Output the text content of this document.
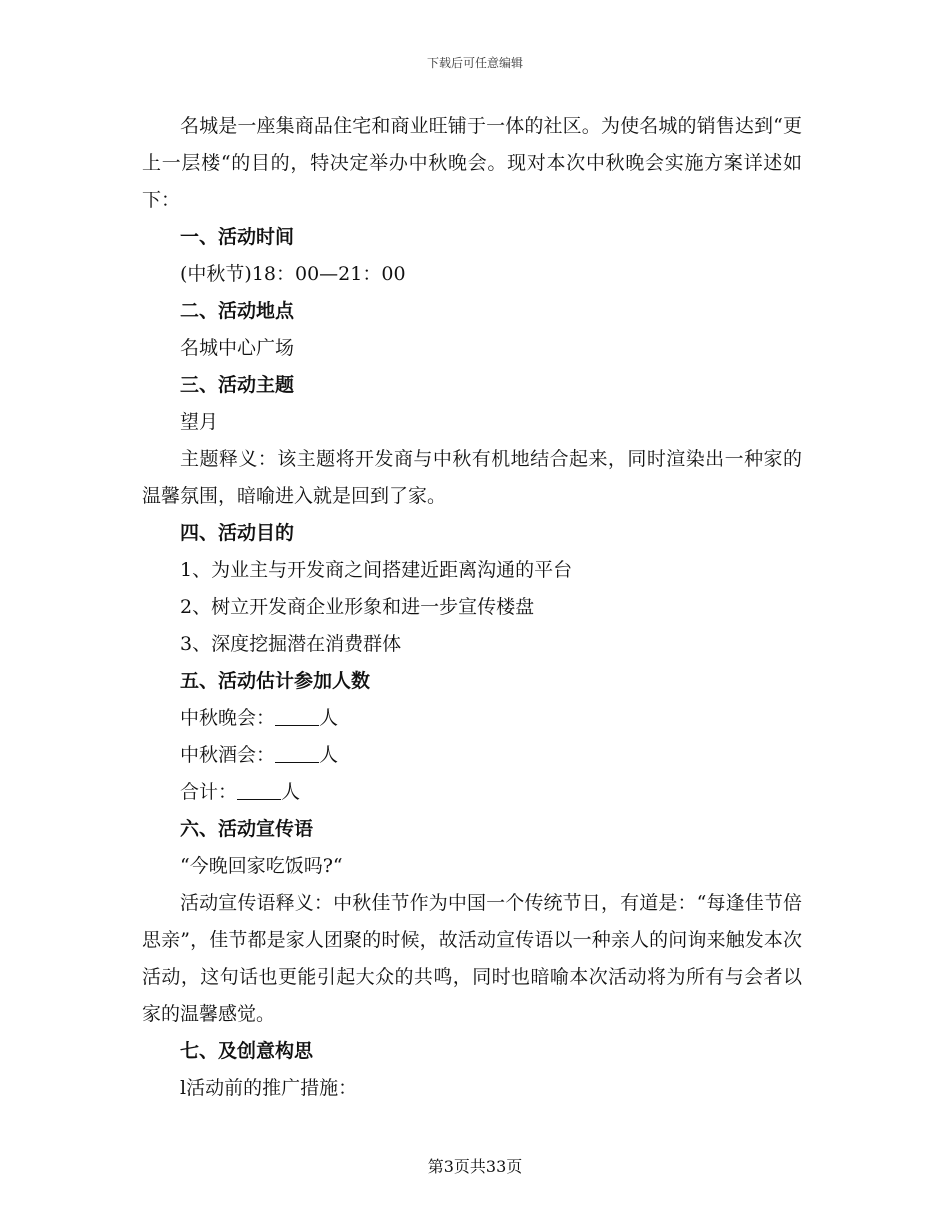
下载后可任意编辑

名城是一座集商品住宅和商业旺铺于一体的社区。为使名城的销售达到“更上一层楼“的目的，特决定举办中秋晚会。现对本次中秋晚会实施方案详述如下：

一、活动时间

(中秋节)18：00—21：00

二、活动地点

名城中心广场

三、活动主题

望月

主题释义：该主题将开发商与中秋有机地结合起来，同时渲染出一种家的温馨氛围，暗喻进入就是回到了家。

四、活动目的

1、为业主与开发商之间搭建近距离沟通的平台

2、树立开发商企业形象和进一步宣传楼盘

3、深度挖掘潜在消费群体

五、活动估计参加人数

中秋晚会： 人

中秋酒会： 人

合计： 人

六、活动宣传语

“今晚回家吃饭吗?“

活动宣传语释义：中秋佳节作为中国一个传统节日，有道是：“每逢佳节倍思亲”，佳节都是家人团聚的时候，故活动宣传语以一种亲人的问询来触发本次活动，这句话也更能引起大众的共鸣，同时也暗喻本次活动将为所有与会者以家的温馨感觉。

七、及创意构思

l活动前的推广措施：

第3页共33页
